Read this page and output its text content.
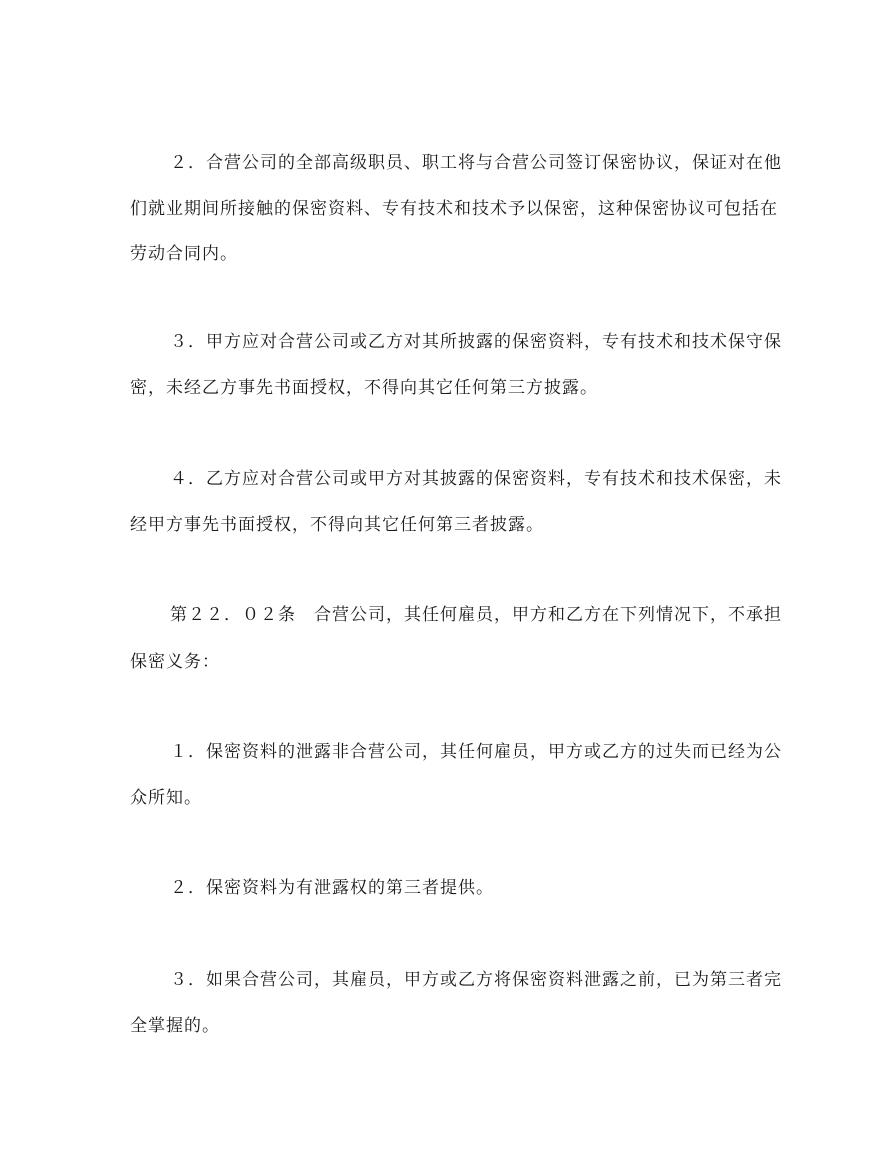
２．合营公司的全部高级职员、职工将与合营公司签订保密协议，保证对在他
们就业期间所接触的保密资料、专有技术和技术予以保密，这种保密协议可包括在
劳动合同内。
３．甲方应对合营公司或乙方对其所披露的保密资料，专有技术和技术保守保
密，未经乙方事先书面授权，不得向其它任何第三方披露。
４．乙方应对合营公司或甲方对其披露的保密资料，专有技术和技术保密，未
经甲方事先书面授权，不得向其它任何第三者披露。
第２２．０２条　合营公司，其任何雇员，甲方和乙方在下列情况下，不承担
保密义务：
１．保密资料的泄露非合营公司，其任何雇员，甲方或乙方的过失而已经为公
众所知。
２．保密资料为有泄露权的第三者提供。
３．如果合营公司，其雇员，甲方或乙方将保密资料泄露之前，已为第三者完
全掌握的。
